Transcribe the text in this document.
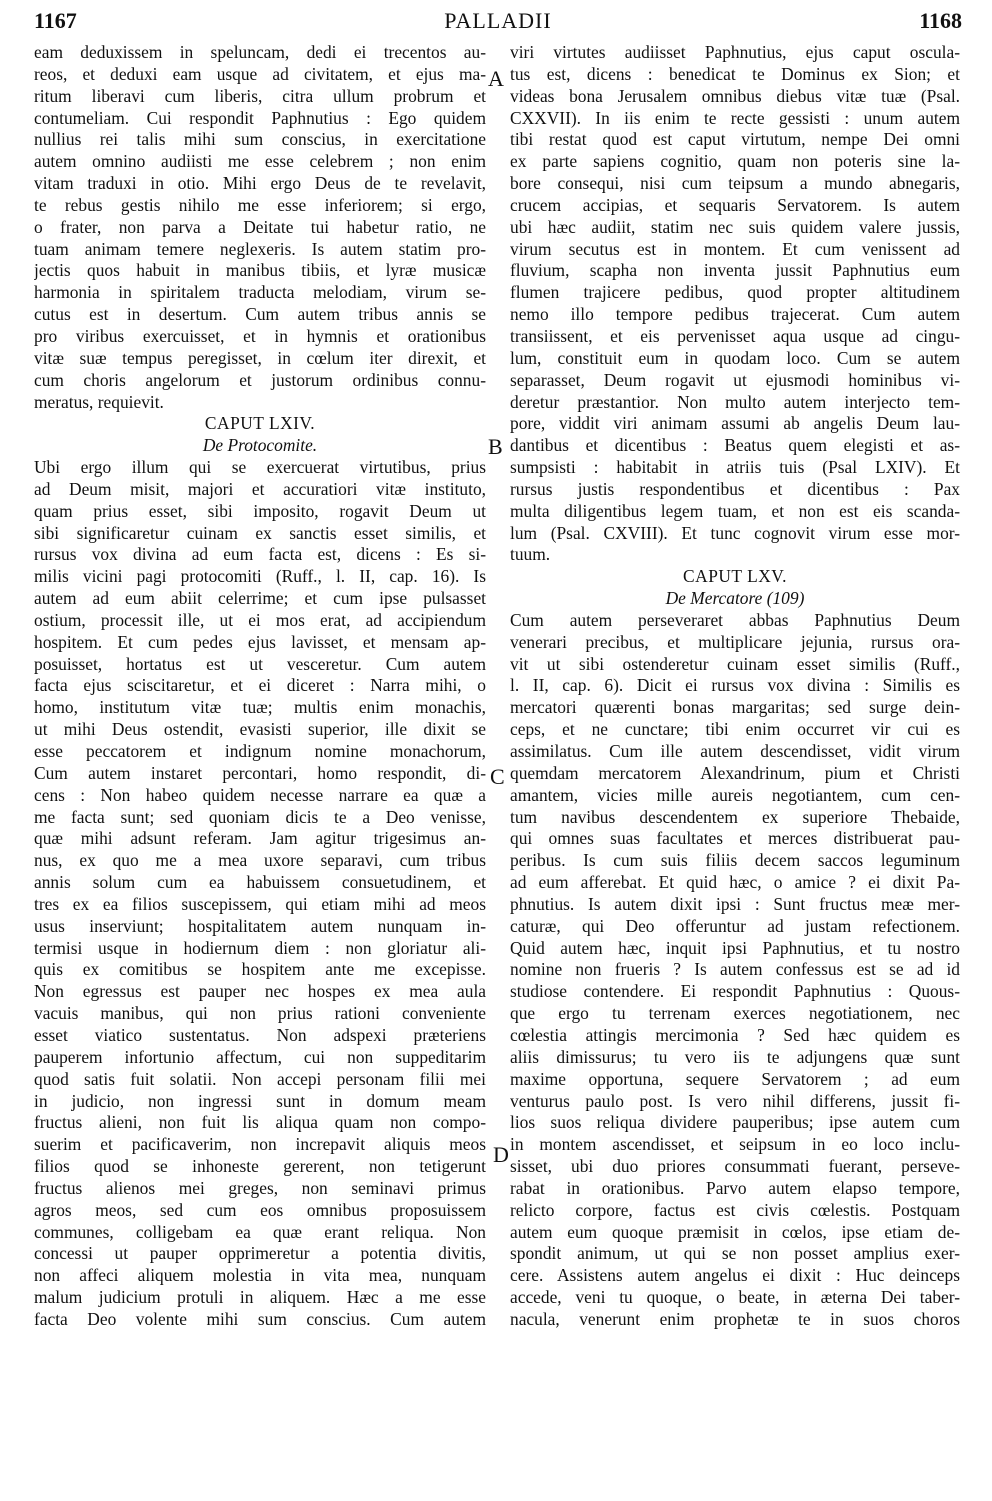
1167	PALLADII	1168
eam deduxissem in speluncam, dedi ei trecentos au-
reos, et deduxi eam usque ad civitatem, et ejus ma-
ritum liberavi cum liberis, citra ullum probrum et
contumeliam. Cui respondit Paphnutius : Ego quidem
nullius rei talis mihi sum conscius, in exercitatione
autem omnino audiisti me esse celebrem ; non enim
vitam traduxi in otio. Mihi ergo Deus de te revelavit,
te rebus gestis nihilo me esse inferiorem; si ergo,
o frater, non parva a Deitate tui habetur ratio, ne
tuam animam temere neglexeris. Is autem statim pro-
jectis quos habuit in manibus tibiis, et lyræ musicæ
harmonia in spiritalem traducta melodiam, virum se-
cutus est in desertum. Cum autem tribus annis se
pro viribus exercuisset, et in hymnis et orationibus
vitæ suæ tempus peregisset, in cœlum iter direxit, et
cum choris angelorum et justorum ordinibus connu-
meratus, requievit.
CAPUT LXIV.
De Protocomite.
Ubi ergo illum qui se exercuerat virtutibus, prius
ad Deum misit, majori et accuratiori vitæ instituto,
quam prius esset, sibi imposito, rogavit Deum ut
sibi significaretur cuinam ex sanctis esset similis, et
rursus vox divina ad eum facta est, dicens : Es si-
milis vicini pagi protocomiti (Ruff., l. II, cap. 16). Is
autem ad eum abiit celerrime; et cum ipse pulsasset
ostium, processit ille, ut ei mos erat, ad accipiendum
hospitem. Et cum pedes ejus lavisset, et mensam ap-
posuisset, hortatus est ut vesceretur. Cum autem
facta ejus sciscitaretur, et ei diceret : Narra mihi, o
homo, institutum vitæ tuæ; multis enim monachis,
ut mihi Deus ostendit, evasisti superior, ille dixit se
esse peccatorem et indignum nomine monachorum,
Cum autem instaret percontari, homo respondit, di-
cens : Non habeo quidem necesse narrare ea quæ a
me facta sunt; sed quoniam dicis te a Deo venisse,
quæ mihi adsunt referam. Jam agitur trigesimus an-
nus, ex quo me a mea uxore separavi, cum tribus
annis solum cum ea habuissem consuetudinem, et
tres ex ea filios suscepissem, qui etiam mihi ad meos
usus inserviunt; hospitalitatem autem nunquam in-
termisi usque in hodiernum diem : non gloriatur ali-
quis ex comitibus se hospitem ante me excepisse.
Non egressus est pauper nec hospes ex mea aula
vacuis manibus, qui non prius rationi conveniente
esset viatico sustentatus. Non adspexi præteriens
pauperem infortunio affectum, cui non suppeditarim
quod satis fuit solatii. Non accepi personam filii mei
in judicio, non ingressi sunt in domum meam
fructus alieni, non fuit lis aliqua quam non compo-
suerim et pacificaverim, non increpavit aliquis meos
filios quod se inhoneste gererent, non tetigerunt
fructus alienos mei greges, non seminavi primus
agros meos, sed cum eos omnibus proposuissem
communes, colligebam ea quæ erant reliqua. Non
concessi ut pauper opprimeretur a potentia divitis,
non affeci aliquem molestia in vita mea, nunquam
malum judicium protuli in aliquem. Hæc a me esse
facta Deo volente mihi sum conscius. Cum autem
viri virtutes audiisset Paphnutius, ejus caput oscula-
tus est, dicens : benedicat te Dominus ex Sion; et
videas bona Jerusalem omnibus diebus vitæ tuæ (Psal.
CXXVII). In iis enim te recte gessisti : unum autem
tibi restat quod est caput virtutum, nempe Dei omni
ex parte sapiens cognitio, quam non poteris sine la-
bore consequi, nisi cum teipsum a mundo abnegaris,
crucem accipias, et sequaris Servatorem. Is autem
ubi hæc audiit, statim nec suis quidem valere jussis,
virum secutus est in montem. Et cum venissent ad
fluvium, scapha non inventa jussit Paphnutius eum
flumen trajicere pedibus, quod propter altitudinem
nemo illo tempore pedibus trajecerat. Cum autem
transiissent, et eis pervenisset aqua usque ad cingu-
lum, constituit eum in quodam loco. Cum se autem
separasset, Deum rogavit ut ejusmodi hominibus vi-
deretur præstantior. Non multo autem interjecto tem-
pore, viddit viri animam assumi ab angelis Deum lau-
dantibus et dicentibus : Beatus quem elegisti et as-
sumpsisti : habitabit in atriis tuis (Psal LXIV). Et
rursus justis respondentibus et dicentibus : Pax
multa diligentibus legem tuam, et non est eis scanda-
lum (Psal. CXVIII). Et tunc cognovit virum esse mor-
tuum.
CAPUT LXV.
De Mercatore (109)
Cum autem perseveraret abbas Paphnutius Deum
venerari precibus, et multiplicare jejunia, rursus ora-
vit ut sibi ostenderetur cuinam esset similis (Ruff.,
l. II, cap. 6). Dicit ei rursus vox divina : Similis es
mercatori quærenti bonas margaritas; sed surge dein-
ceps, et ne cunctare; tibi enim occurret vir cui es
assimilatus. Cum ille autem descendisset, vidit virum
quemdam mercatorem Alexandrinum, pium et Christi
amantem, vicies mille aureis negotiantem, cum cen-
tum navibus descendentem ex superiore Thebaide,
qui omnes suas facultates et merces distribuerat pau-
peribus. Is cum suis filiis decem saccos leguminum
ad eum afferebat. Et quid hæc, o amice ? ei dixit Pa-
phnutius. Is autem dixit ipsi : Sunt fructus meæ mer-
caturæ, qui Deo offeruntur ad justam refectionem.
Quid autem hæc, inquit ipsi Paphnutius, et tu nostro
nomine non frueris ? Is autem confessus est se ad id
studiose contendere. Ei respondit Paphnutius : Quous-
que ergo tu terrenam exerces negotiationem, nec
cœlestia attingis mercimonia ? Sed hæc quidem es
aliis dimissurus; tu vero iis te adjungens quæ sunt
maxime opportuna, sequere Servatorem ; ad eum
venturus paulo post. Is vero nihil differens, jussit fi-
lios suos reliqua dividere pauperibus; ipse autem cum
in montem ascendisset, et seipsum in eo loco inclu-
sisset, ubi duo priores consummati fuerant, perseve-
rabat in orationibus. Parvo autem elapso tempore,
relicto corpore, factus est civis cœlestis. Postquam
autem eum quoque præmisit in cœlos, ipse etiam de-
spondit animum, ut qui se non posset amplius exer-
cere. Assistens autem angelus ei dixit : Huc deinceps
accede, veni tu quoque, o beate, in æterna Dei taber-
nacula, venerunt enim prophetæ te in suos choros
A
B
C
D
